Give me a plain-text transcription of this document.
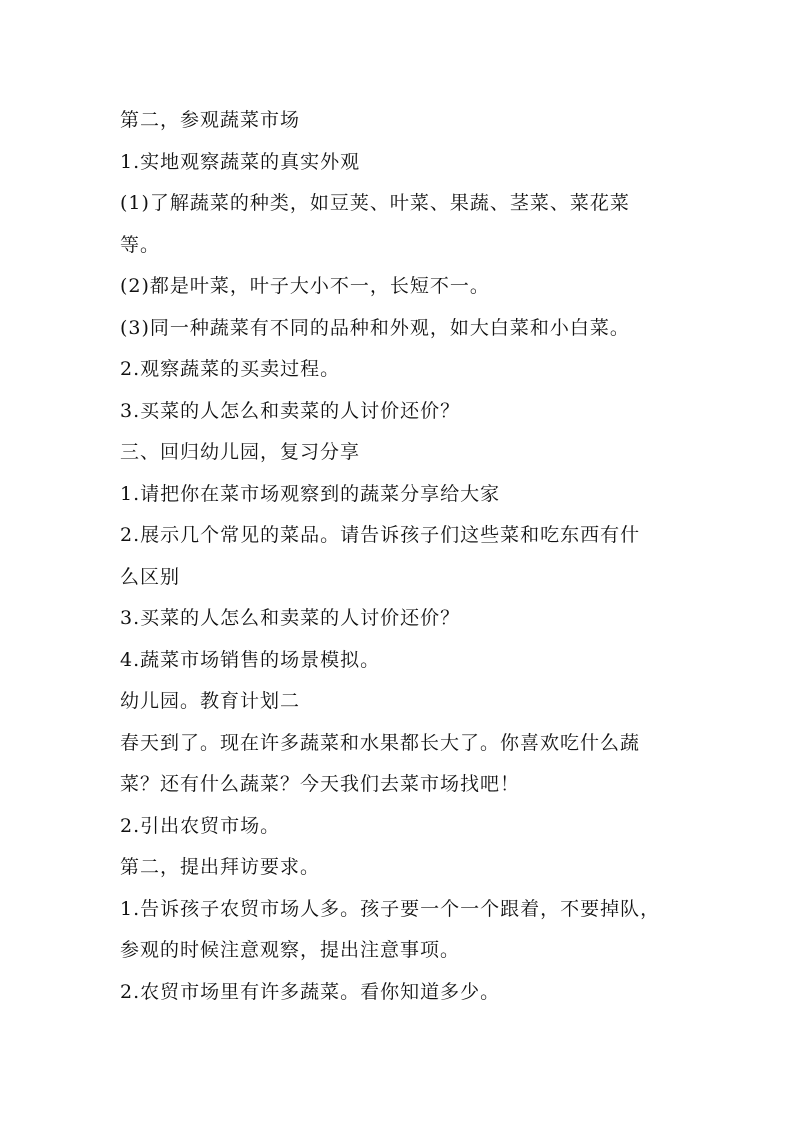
第二，参观蔬菜市场
1.实地观察蔬菜的真实外观
(1)了解蔬菜的种类，如豆荚、叶菜、果蔬、茎菜、菜花菜
等。
(2)都是叶菜，叶子大小不一，长短不一。
(3)同一种蔬菜有不同的品种和外观，如大白菜和小白菜。
2.观察蔬菜的买卖过程。
3.买菜的人怎么和卖菜的人讨价还价？
三、回归幼儿园，复习分享
1.请把你在菜市场观察到的蔬菜分享给大家
2.展示几个常见的菜品。请告诉孩子们这些菜和吃东西有什
么区别
3.买菜的人怎么和卖菜的人讨价还价？
4.蔬菜市场销售的场景模拟。
幼儿园。教育计划二
春天到了。现在许多蔬菜和水果都长大了。你喜欢吃什么蔬
菜？还有什么蔬菜？今天我们去菜市场找吧！
2.引出农贸市场。
第二，提出拜访要求。
1.告诉孩子农贸市场人多。孩子要一个一个跟着，不要掉队，
参观的时候注意观察，提出注意事项。
2.农贸市场里有许多蔬菜。看你知道多少。
